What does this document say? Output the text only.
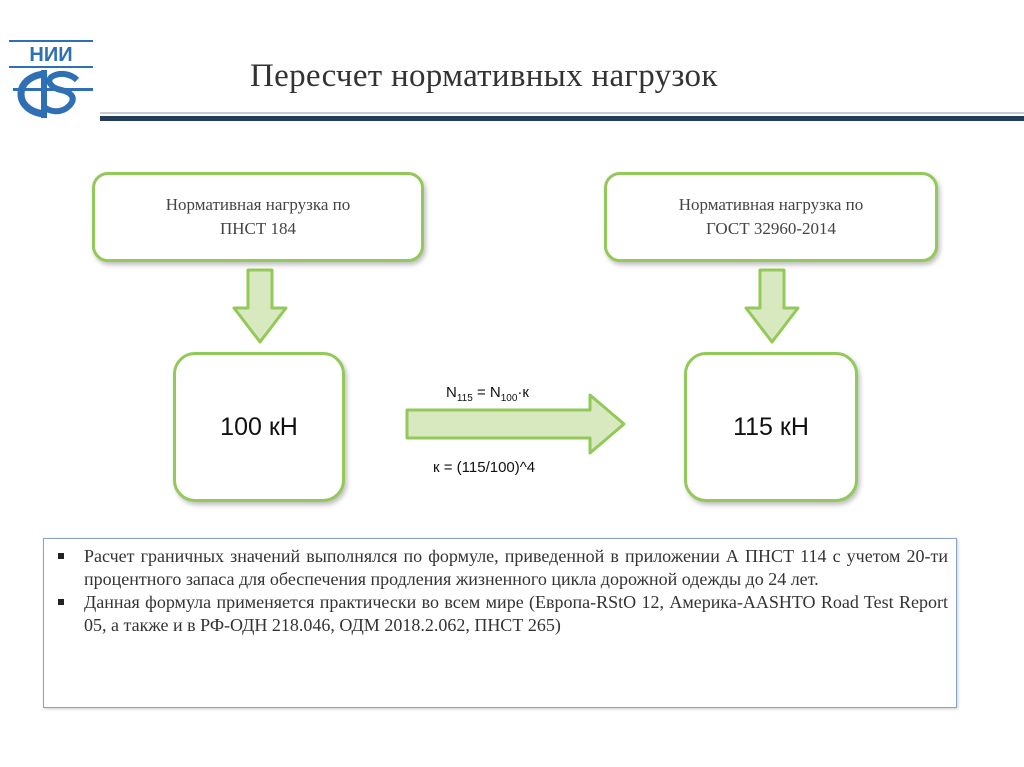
НИИ
Пересчет нормативных нагрузок
Нормативная нагрузка по
ПНСТ 184
Нормативная нагрузка по
ГОСТ 32960-2014
100 кН	115 кН
$N_{115} = N_{100}\cdot к$
к = (115/100)^4
Расчет граничных значений выполнялся по формуле, приведенной в приложении А ПНСТ 114 с учетом 20-ти процентного запаса для обеспечения продления жизненного цикла дорожной одежды до 24 лет.
Данная формула применяется практически во всем мире (Европа-RStO 12, Америка-AASHTO Road Test Report 05, а также и в РФ-ОДН 218.046, ОДМ 2018.2.062, ПНСТ 265)
